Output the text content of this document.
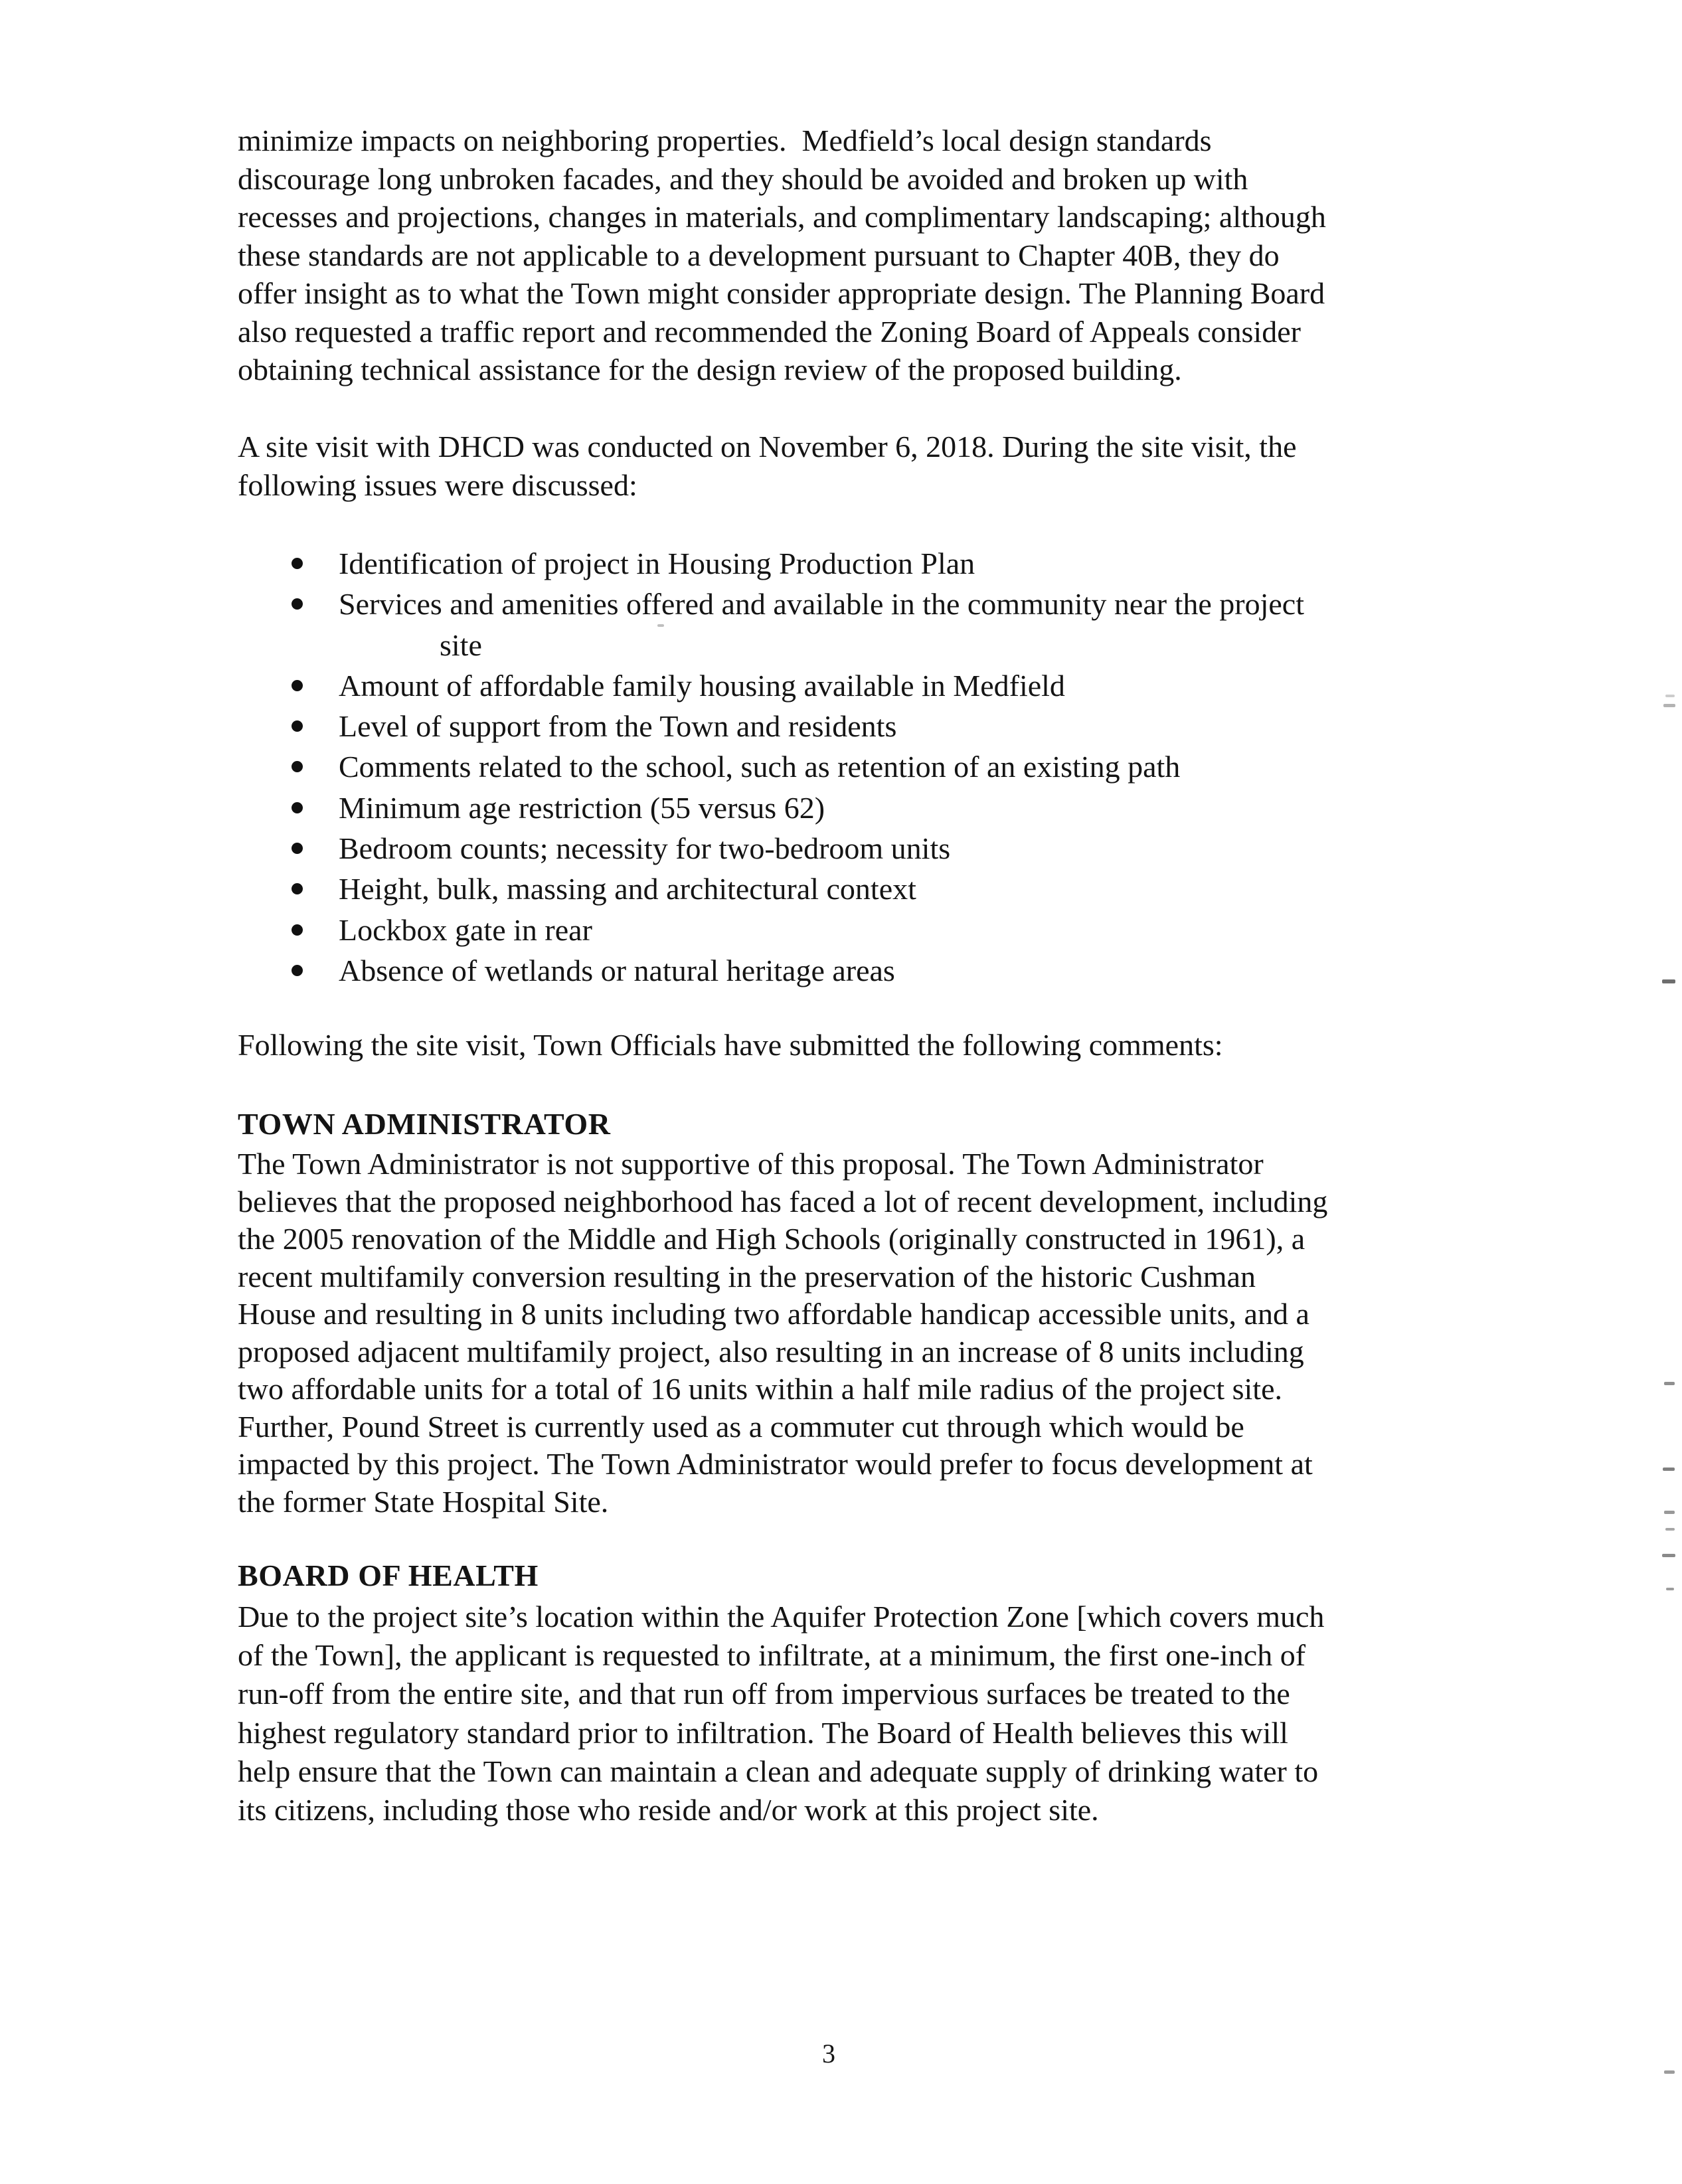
minimize impacts on neighboring properties.  Medfield’s local design standards
discourage long unbroken facades, and they should be avoided and broken up with
recesses and projections, changes in materials, and complimentary landscaping; although
these standards are not applicable to a development pursuant to Chapter 40B, they do
offer insight as to what the Town might consider appropriate design. The Planning Board
also requested a traffic report and recommended the Zoning Board of Appeals consider
obtaining technical assistance for the design review of the proposed building.
A site visit with DHCD was conducted on November 6, 2018. During the site visit, the
following issues were discussed:
Identification of project in Housing Production Plan
Services and amenities offered and available in the community near the project
site
Amount of affordable family housing available in Medfield
Level of support from the Town and residents
Comments related to the school, such as retention of an existing path
Minimum age restriction (55 versus 62)
Bedroom counts; necessity for two-bedroom units
Height, bulk, massing and architectural context
Lockbox gate in rear
Absence of wetlands or natural heritage areas
Following the site visit, Town Officials have submitted the following comments:
TOWN ADMINISTRATOR
The Town Administrator is not supportive of this proposal. The Town Administrator
believes that the proposed neighborhood has faced a lot of recent development, including
the 2005 renovation of the Middle and High Schools (originally constructed in 1961), a
recent multifamily conversion resulting in the preservation of the historic Cushman
House and resulting in 8 units including two affordable handicap accessible units, and a
proposed adjacent multifamily project, also resulting in an increase of 8 units including
two affordable units for a total of 16 units within a half mile radius of the project site.
Further, Pound Street is currently used as a commuter cut through which would be
impacted by this project. The Town Administrator would prefer to focus development at
the former State Hospital Site.
BOARD OF HEALTH
Due to the project site’s location within the Aquifer Protection Zone [which covers much
of the Town], the applicant is requested to infiltrate, at a minimum, the first one-inch of
run-off from the entire site, and that run off from impervious surfaces be treated to the
highest regulatory standard prior to infiltration. The Board of Health believes this will
help ensure that the Town can maintain a clean and adequate supply of drinking water to
its citizens, including those who reside and/or work at this project site.
3
